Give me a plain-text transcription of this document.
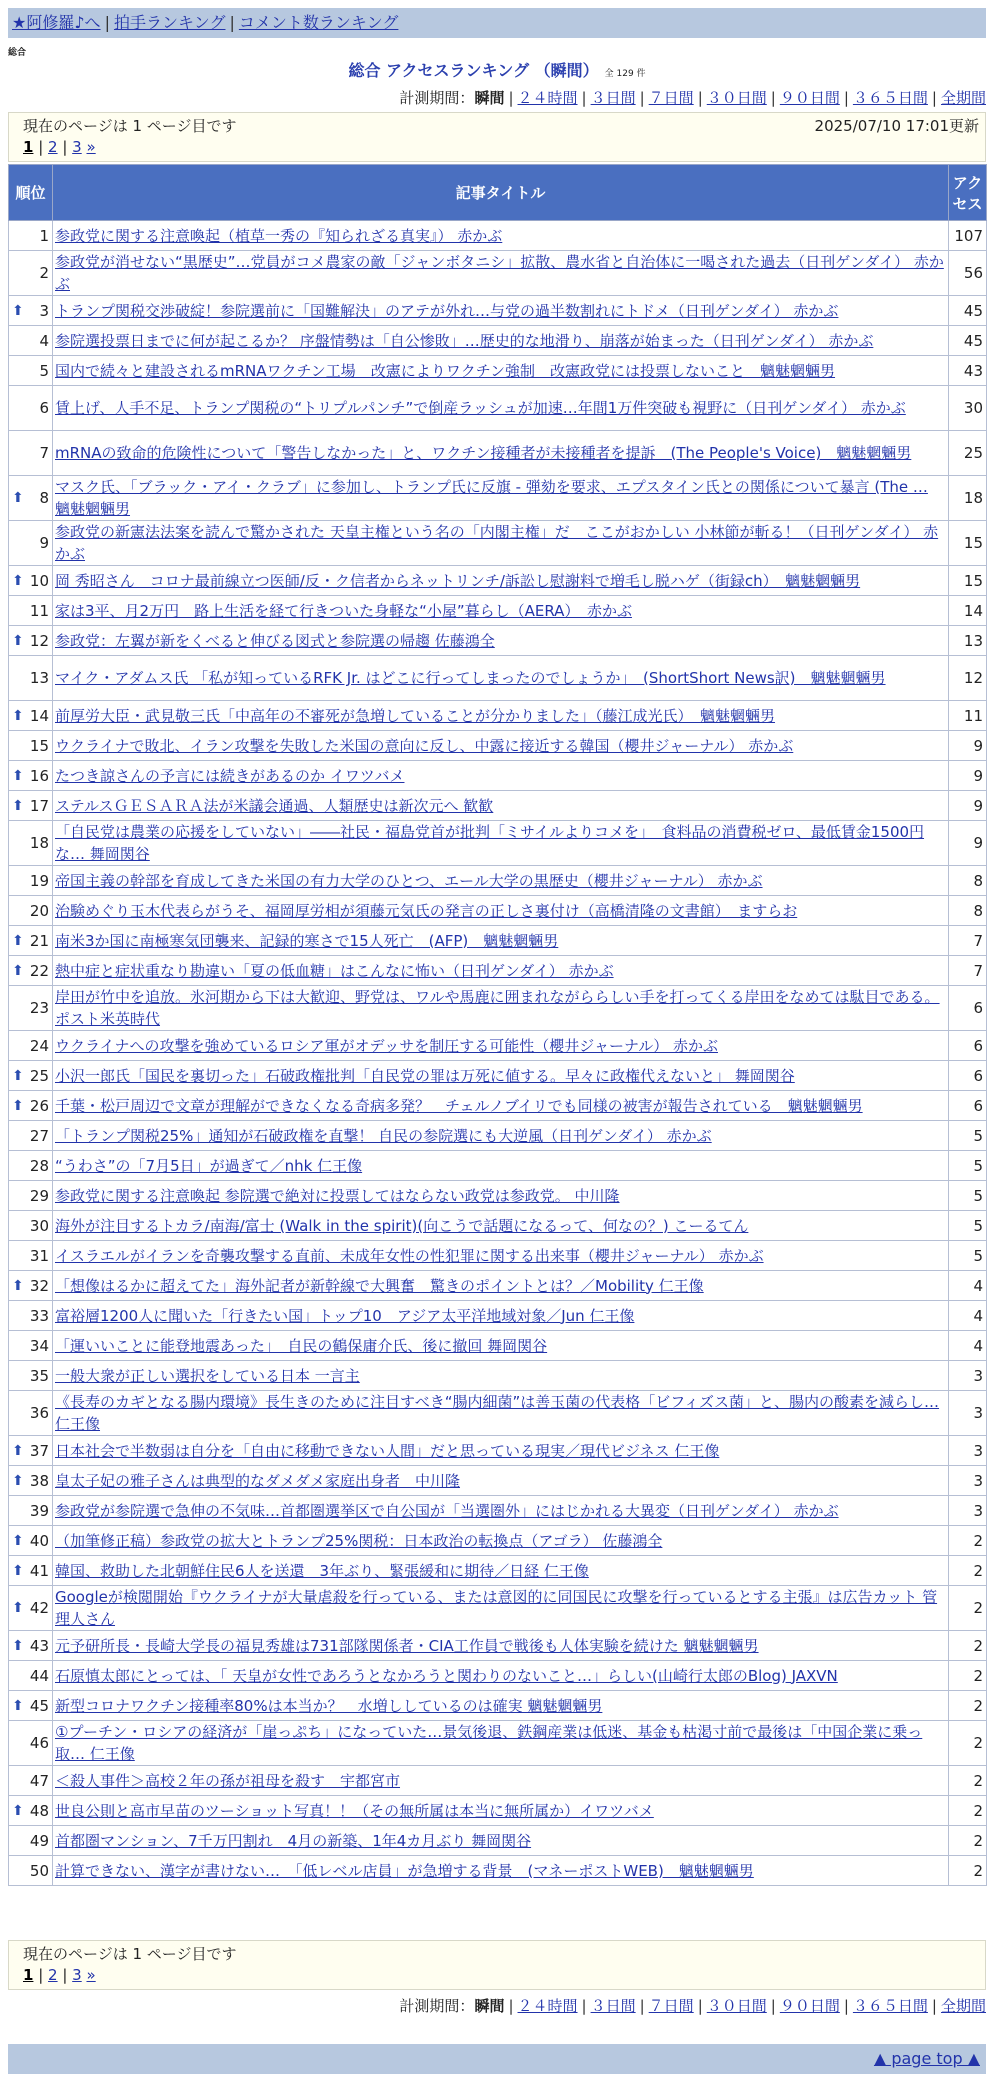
★阿修羅♪へ | 拍手ランキング | コメント数ランキング
総合
総合 アクセスランキング （瞬間） 全 129 件
計測期間：瞬間 | ２４時間 | ３日間 | ７日間 | ３０日間 | ９０日間 | ３６５日間 | 全期間
現在のページは 1 ページ目です	2025/07/10 17:01更新
1 | 2 | 3 »
順位	記事タイトル	アクセス
1	参政党に関する注意喚起（植草一秀の『知られざる真実』） 赤かぶ	107
2	参政党が消せない“黒歴史”…党員がコメ農家の敵「ジャンボタニシ」拡散、農水省と自治体に一喝された過去（日刊ゲンダイ） 赤かぶ	56

⬆ 3	トランプ関税交渉破綻！参院選前に「国難解決」のアテが外れ…与党の過半数割れにトドメ（日刊ゲンダイ） 赤かぶ	45
4	参院選投票日までに何が起こるか？ 序盤情勢は「自公惨敗」…歴史的な地滑り、崩落が始まった（日刊ゲンダイ） 赤かぶ	45
5	国内で続々と建設されるmRNAワクチン工場　改憲によりワクチン強制　改憲政党には投票しないこと　魑魅魍魎男	43
6	賃上げ、人手不足、トランプ関税の“トリプルパンチ”で倒産ラッシュが加速…年間1万件突破も視野に（日刊ゲンダイ） 赤かぶ	30
7	mRNAの致命的危険性について「警告しなかった」と、ワクチン接種者が未接種者を提訴　(The People's Voice)　魑魅魍魎男	25

⬆ 8	マスク氏、「ブラック・アイ・クラブ」に参加し、トランプ氏に反旗 - 弾劾を要求、エプスタイン氏との関係について暴言 (The … 魑魅魍魎男	18
9	参政党の新憲法法案を読んで驚かされた 天皇主権という名の「内閣主権」だ　ここがおかしい 小林節が斬る！（日刊ゲンダイ） 赤かぶ	15

⬆ 10	岡 秀昭さん　コロナ最前線立つ医師/反・ク信者からネットリンチ/訴訟し慰謝料で増毛し脱ハゲ（街録ch）　魑魅魍魎男	15
11	家は3平、月2万円　路上生活を経て行きついた身軽な“小屋”暮らし（AERA）　赤かぶ	14

⬆ 12	参政党：左翼が新をくべると伸びる図式と参院選の帰趨 佐藤鴻全	13
13	マイク・アダムス氏 「私が知っているRFK Jr. はどこに行ってしまったのでしょうか」　(ShortShort News訳)　魑魅魍魎男	12

⬆ 14	前厚労大臣・武見敬三氏「中高年の不審死が急増していることが分かりました」（藤江成光氏）　魑魅魍魎男	11
15	ウクライナで敗北、イラン攻撃を失敗した米国の意向に反し、中露に接近する韓国（櫻井ジャーナル） 赤かぶ	9

⬆ 16	たつき諒さんの予言には続きがあるのか イワツバメ	9

⬆ 17	ステルスＧＥＳＡＲＡ法が米議会通過、人類歴史は新次元へ 歓歓	9
18	「自民党は農業の応援をしていない」――社民・福島党首が批判「ミサイルよりコメを」　食料品の消費税ゼロ、最低賃金1500円な… 舞岡関谷	9
19	帝国主義の幹部を育成してきた米国の有力大学のひとつ、エール大学の黒歴史（櫻井ジャーナル） 赤かぶ	8
20	治験めぐり玉木代表らがうそ、福岡厚労相が須藤元気氏の発言の正しさ裏付け（高橋清隆の文書館）　ますらお	8

⬆ 21	南米3か国に南極寒気団襲来、記録的寒さで15人死亡　(AFP)　魑魅魍魎男	7

⬆ 22	熱中症と症状重なり勘違い「夏の低血糖」はこんなに怖い（日刊ゲンダイ） 赤かぶ	7
23	岸田が竹中を追放。氷河期から下は大歓迎、野党は、ワルや馬鹿に囲まれながららしい手を打ってくる岸田をなめては駄目である。 ポスト米英時代	6
24	ウクライナへの攻撃を強めているロシア軍がオデッサを制圧する可能性（櫻井ジャーナル） 赤かぶ	6

⬆ 25	小沢一郎氏「国民を裏切った」石破政権批判「自民党の罪は万死に値する。早々に政権代えないと」 舞岡関谷	6

⬆ 26	千葉・松戸周辺で文章が理解ができなくなる奇病多発？　チェルノブイリでも同様の被害が報告されている　魑魅魍魎男	6
27	「トランプ関税25%」通知が石破政権を直撃！ 自民の参院選にも大逆風（日刊ゲンダイ） 赤かぶ	5
28	“うわさ”の「7月5日」が過ぎて／nhk 仁王像	5
29	参政党に関する注意喚起 参院選で絶対に投票してはならない政党は参政党。 中川隆	5
30	海外が注目するトカラ/南海/富士 (Walk in the spirit)(向こうで話題になるって、何なの？) こーるてん	5
31	イスラエルがイランを奇襲攻撃する直前、未成年女性の性犯罪に関する出来事（櫻井ジャーナル） 赤かぶ	5

⬆ 32	「想像はるかに超えてた」海外記者が新幹線で大興奮　驚きのポイントとは？／Mobility 仁王像	4
33	富裕層1200人に聞いた「行きたい国」トップ10　アジア太平洋地域対象／Jun 仁王像	4
34	「運いいことに能登地震あった」　自民の鶴保庸介氏、後に撤回 舞岡関谷	4
35	一般大衆が正しい選択をしている日本 一言主	3
36	《長寿のカギとなる腸内環境》長生きのために注目すべき“腸内細菌”は善玉菌の代表格「ビフィズス菌」と、腸内の酸素を減らし… 仁王像	3

⬆ 37	日本社会で半数弱は自分を「自由に移動できない人間」だと思っている現実／現代ビジネス 仁王像	3

⬆ 38	皇太子妃の雅子さんは典型的なダメダメ家庭出身者　中川隆	3
39	参政党が参院選で急伸の不気味…首都圏選挙区で自公国が「当選圏外」にはじかれる大異変（日刊ゲンダイ） 赤かぶ	3

⬆ 40	（加筆修正稿）参政党の拡大とトランプ25%関税：日本政治の転換点（アゴラ） 佐藤鴻全	2

⬆ 41	韓国、救助した北朝鮮住民6人を送還　3年ぶり、緊張緩和に期待／日経 仁王像	2

⬆ 42	Googleが検閲開始『ウクライナが大量虐殺を行っている、または意図的に同国民に攻撃を行っているとする主張』は広告カット 管理人さん	2

⬆ 43	元予研所長・長崎大学長の福見秀雄は731部隊関係者・CIA工作員で戦後も人体実験を続けた 魑魅魍魎男	2
44	石原慎太郎にとっては、「 天皇が女性であろうとなかろうと関わりのないこと…」らしい(山崎行太郎のBlog) JAXVN	2

⬆ 45	新型コロナワクチン接種率80%は本当か？　水増ししているのは確実 魑魅魍魎男	2
46	①プーチン・ロシアの経済が「崖っぷち」になっていた…景気後退、鉄鋼産業は低迷、基金も枯渇寸前で最後は「中国企業に乗っ取… 仁王像	2
47	＜殺人事件＞高校２年の孫が祖母を殺す　宇都宮市	2

⬆ 48	世良公則と高市早苗のツーショット写真！！（その無所属は本当に無所属か）イワツバメ	2
49	首都圏マンション、7千万円割れ　4月の新築、1年4カ月ぶり 舞岡関谷	2
50	計算できない、漢字が書けない…　「低レベル店員」が急増する背景　(マネーポストWEB)　魑魅魍魎男	2
現在のページは 1 ページ目です
1 | 2 | 3 »
計測期間：瞬間 | ２４時間 | ３日間 | ７日間 | ３０日間 | ９０日間 | ３６５日間 | 全期間
▲ page top ▲
